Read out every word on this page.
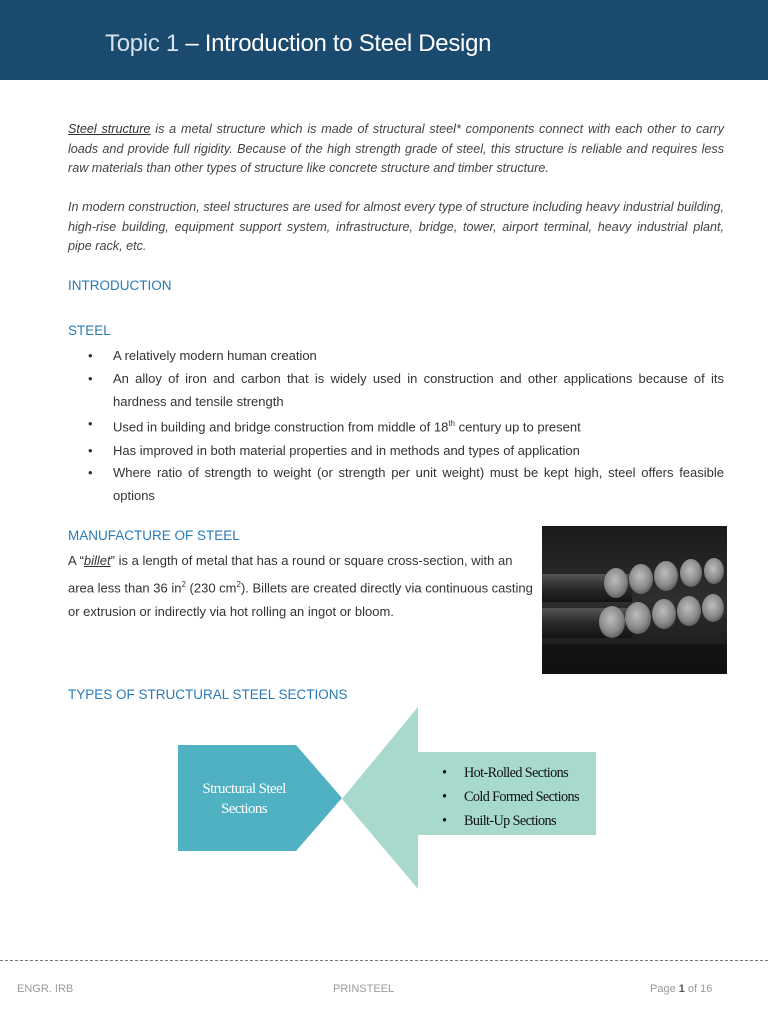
Topic 1 – Introduction to Steel Design

Steel structure is a metal structure which is made of structural steel* components connect with each other to carry loads and provide full rigidity. Because of the high strength grade of steel, this structure is reliable and requires less raw materials than other types of structure like concrete structure and timber structure.

In modern construction, steel structures are used for almost every type of structure including heavy industrial building, high-rise building, equipment support system, infrastructure, bridge, tower, airport terminal, heavy industrial plant, pipe rack, etc.

INTRODUCTION
STEEL
• A relatively modern human creation
• An alloy of iron and carbon that is widely used in construction and other applications because of its hardness and tensile strength
• Used in building and bridge construction from middle of 18th century up to present
• Has improved in both material properties and in methods and types of application
• Where ratio of strength to weight (or strength per unit weight) must be kept high, steel offers feasible options
MANUFACTURE OF STEEL

A “billet” is a length of metal that has a round or square cross-section, with an area less than 36 $in^2$ (230 $cm^2$). Billets are created directly via continuous casting or extrusion or indirectly via hot rolling an ingot or bloom.

TYPES OF STRUCTURAL STEEL SECTIONS
Structural Steel Sections
• Hot-Rolled Sections
• Cold Formed Sections
• Built-Up Sections
ENGR. IRB	PRINSTEEL	Page 1 of 16
